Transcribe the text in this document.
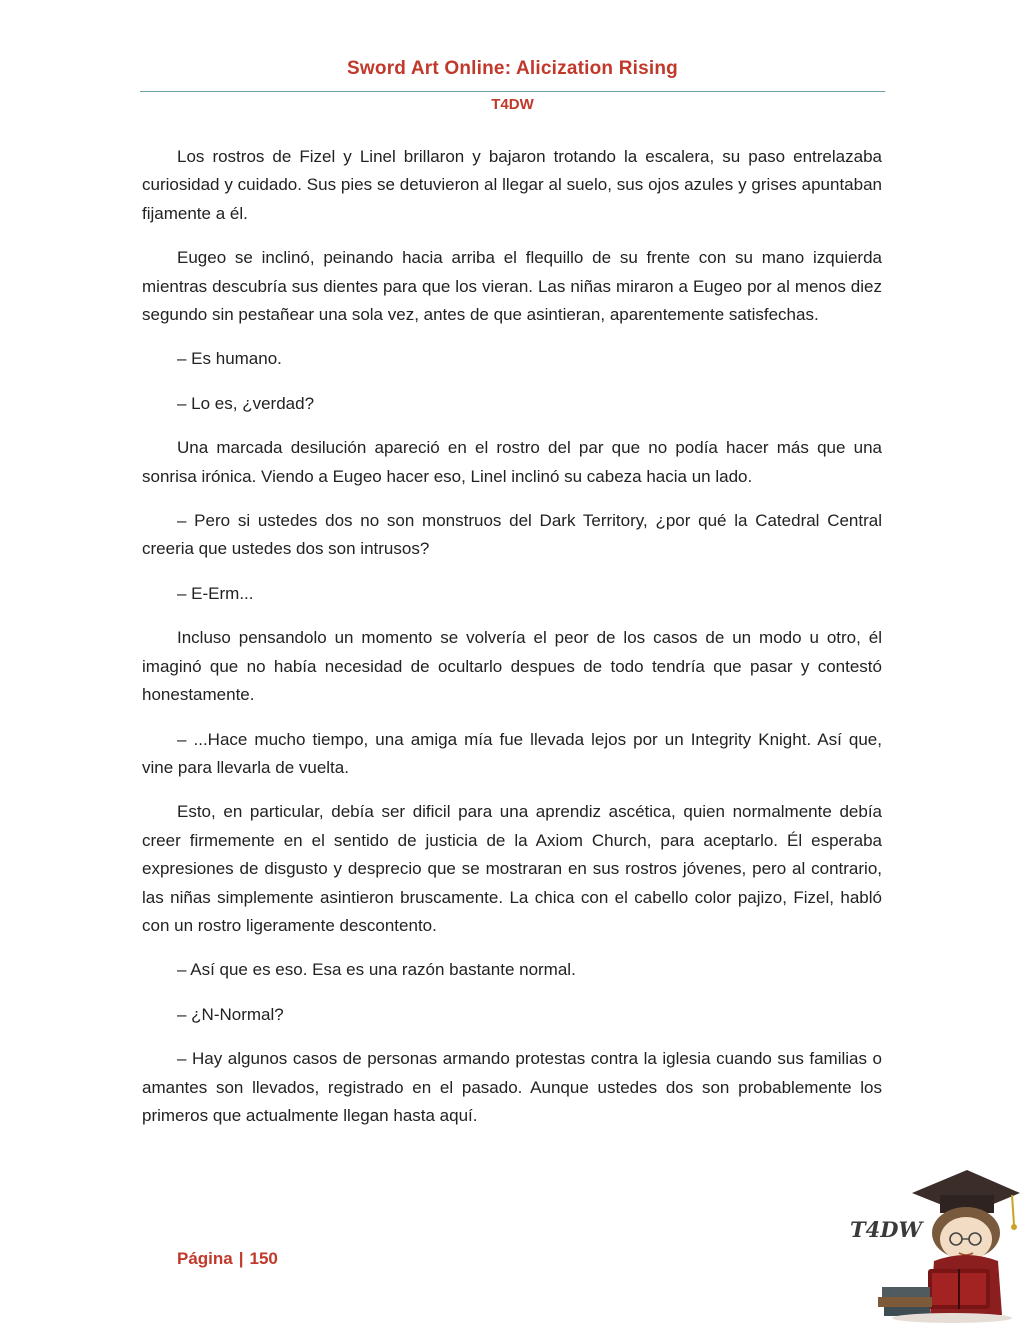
Sword Art Online: Alicization Rising
T4DW

Los rostros de Fizel y Linel brillaron y bajaron trotando la escalera, su paso entrelazaba curiosidad y cuidado. Sus pies se detuvieron al llegar al suelo, sus ojos azules y grises apuntaban fijamente a él.

Eugeo se inclinó, peinando hacia arriba el flequillo de su frente con su mano izquierda mientras descubría sus dientes para que los vieran. Las niñas miraron a Eugeo por al menos diez segundo sin pestañear una sola vez, antes de que asintieran, aparentemente satisfechas.

– Es humano.

– Lo es, ¿verdad?

Una marcada desilución apareció en el rostro del par que no podía hacer más que una sonrisa irónica. Viendo a Eugeo hacer eso, Linel inclinó su cabeza hacia un lado.

– Pero si ustedes dos no son monstruos del Dark Territory, ¿por qué la Catedral Central creeria que ustedes dos son intrusos?

– E-Erm...

Incluso pensandolo un momento se volvería el peor de los casos de un modo u otro, él imaginó que no había necesidad de ocultarlo despues de todo tendría que pasar y contestó honestamente.

– ...Hace mucho tiempo, una amiga mía fue llevada lejos por un Integrity Knight. Así que, vine para llevarla de vuelta.

Esto, en particular, debía ser dificil para una aprendiz ascética, quien normalmente debía creer firmemente en el sentido de justicia de la Axiom Church, para aceptarlo. Él esperaba expresiones de disgusto y desprecio que se mostraran en sus rostros jóvenes, pero al contrario, las niñas simplemente asintieron bruscamente. La chica con el cabello color pajizo, Fizel, habló con un rostro ligeramente descontento.

– Así que es eso. Esa es una razón bastante normal.

– ¿N-Normal?

– Hay algunos casos de personas armando protestas contra la iglesia cuando sus familias o amantes son llevados, registrado en el pasado. Aunque ustedes dos son probablemente los primeros que actualmente llegan hasta aquí.

Página | 150
T4DW
